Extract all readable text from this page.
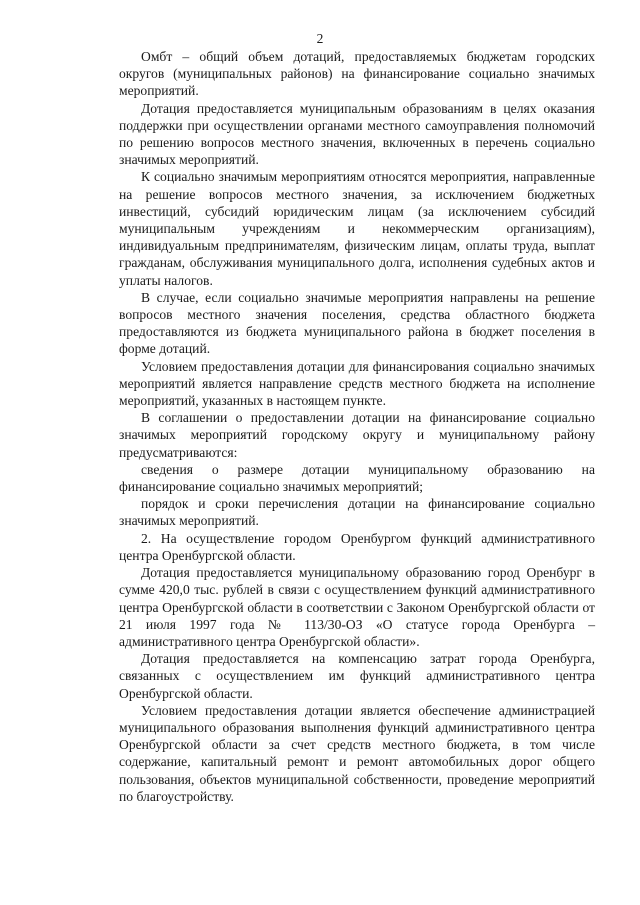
2

Омбт – общий объем дотаций, предоставляемых бюджетам городских округов (муниципальных районов) на финансирование социально значимых мероприятий.

Дотация предоставляется муниципальным образованиям в целях оказания поддержки при осуществлении органами местного самоуправления полномочий по решению вопросов местного значения, включенных в перечень социально значимых мероприятий.

К социально значимым мероприятиям относятся мероприятия, направленные на решение вопросов местного значения, за исключением бюджетных инвестиций, субсидий юридическим лицам (за исключением субсидий муниципальным учреждениям и некоммерческим организациям), индивидуальным предпринимателям, физическим лицам, оплаты труда, выплат гражданам, обслуживания муниципального долга, исполнения судебных актов и уплаты налогов.

В случае, если социально значимые мероприятия направлены на решение вопросов местного значения поселения, средства областного бюджета предоставляются из бюджета муниципального района в бюджет поселения в форме дотаций.

Условием предоставления дотации для финансирования социально значимых мероприятий является направление средств местного бюджета на исполнение мероприятий, указанных в настоящем пункте.

В соглашении о предоставлении дотации на финансирование социально значимых мероприятий городскому округу и муниципальному району предусматриваются:

сведения о размере дотации муниципальному образованию на финансирование социально значимых мероприятий;

порядок и сроки перечисления дотации на финансирование социально значимых мероприятий.

2. На осуществление городом Оренбургом функций административного центра Оренбургской области.

Дотация предоставляется муниципальному образованию город Оренбург в сумме 420,0 тыс. рублей в связи с осуществлением функций административного центра Оренбургской области в соответствии с Законом Оренбургской области от 21 июля 1997 года № 113/30-ОЗ «О статусе города Оренбурга – административного центра Оренбургской области».

Дотация предоставляется на компенсацию затрат города Оренбурга, связанных с осуществлением им функций административного центра Оренбургской области.

Условием предоставления дотации является обеспечение администрацией муниципального образования выполнения функций административного центра Оренбургской области за счет средств местного бюджета, в том числе содержание, капитальный ремонт и ремонт автомобильных дорог общего пользования, объектов муниципальной собственности, проведение мероприятий по благоустройству.
